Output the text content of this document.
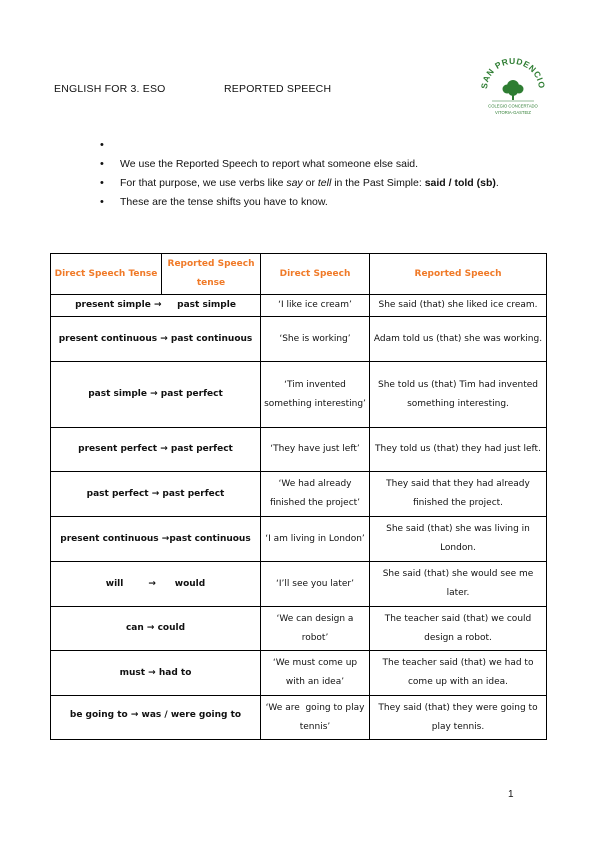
ENGLISH FOR 3. ESO	REPORTED SPEECH	SAN PRUDENCIO
COLEGIO CONCERTADO
VITORIA-GASTEIZ
•
• We use the Reported Speech to report what someone else said.
• For that purpose, we use verbs like say or tell in the Past Simple: said / told (sb).
• These are the tense shifts you have to know.
Direct Speech Tense	Reported Speech tense	Direct Speech	Reported Speech
present simple →     past simple		‘I like ice cream’	She said (that) she liked ice cream.
present continuous → past continuous		‘She is working’	Adam told us (that) she was working.
past simple → past perfect		‘Tim invented something interesting’	She told us (that) Tim had invented something interesting.
present perfect → past perfect		‘They have just left’	They told us (that) they had just left.
past perfect → past perfect		‘We had already finished the project’	They said that they had already finished the project.
present continuous →past continuous		‘I am living in London’	She said (that) she was living in London.
will        →      would		‘I’ll see you later’	She said (that) she would see me later.
can → could		‘We can design a robot’	The teacher said (that) we could design a robot.
must → had to		‘We must come up with an idea’	The teacher said (that) we had to come up with an idea.
be going to → was / were going to		‘We are  going to play tennis’	They said (that) they were going to play tennis.
1
